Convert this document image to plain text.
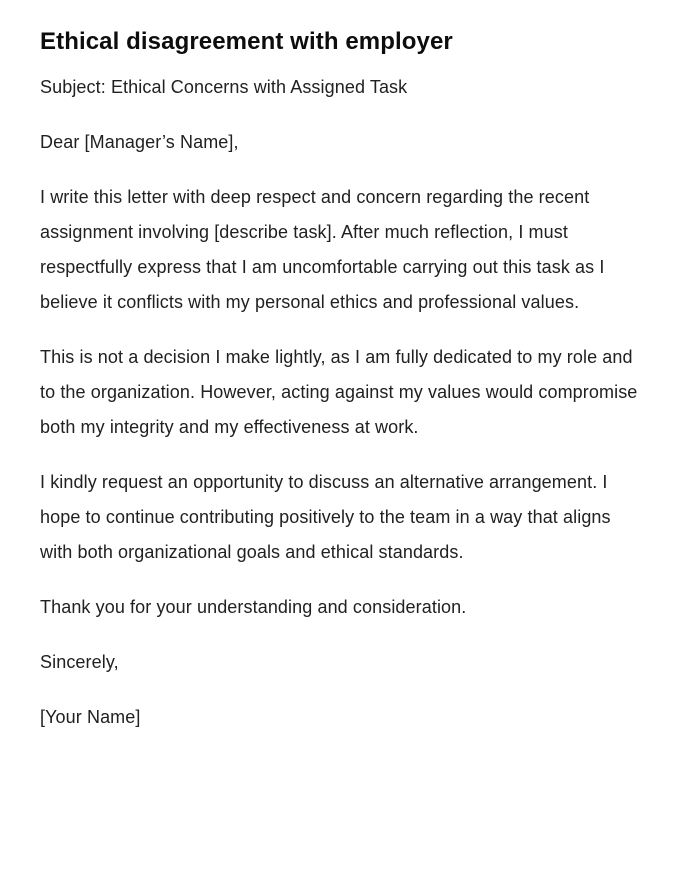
Ethical disagreement with employer

Subject: Ethical Concerns with Assigned Task

Dear [Manager’s Name],

I write this letter with deep respect and concern regarding the recent assignment involving [describe task]. After much reflection, I must respectfully express that I am uncomfortable carrying out this task as I believe it conflicts with my personal ethics and professional values.

This is not a decision I make lightly, as I am fully dedicated to my role and to the organization. However, acting against my values would compromise both my integrity and my effectiveness at work.

I kindly request an opportunity to discuss an alternative arrangement. I hope to continue contributing positively to the team in a way that aligns with both organizational goals and ethical standards.

Thank you for your understanding and consideration.

Sincerely,

[Your Name]
